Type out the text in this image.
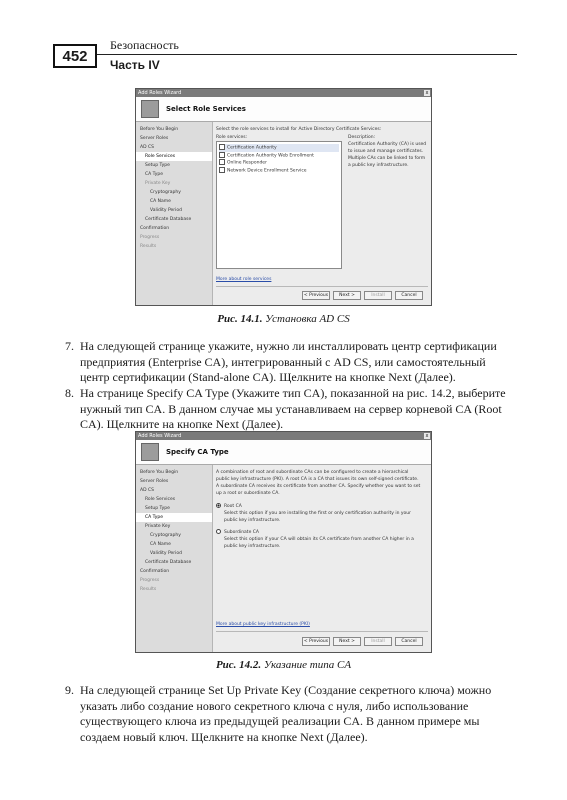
452
Безопасность
Часть IV
Add Roles Wizard	x
Select Role Services
Before You Begin
Server Roles
AD CS
Role Services
Setup Type
CA Type
Private Key
Cryptography
CA Name
Validity Period
Certificate Database
Confirmation
Progress
Results
Select the role services to install for Active Directory Certificate Services:
Role services:	Description:
Certification Authority
Certification Authority Web Enrollment
Online Responder
Network Device Enrollment Service
Certification Authority (CA) is used to issue and manage certificates. Multiple CAs can be linked to form a public key infrastructure.
More about role services
< Previous	Next >	Install	Cancel
Рис. 14.1. Установка AD CS
7. На следующей странице укажите, нужно ли инсталлировать центр сертификации предприятия (Enterprise CA), интегрированный с AD CS, или самостоятельный центр сертификации (Stand-alone CA). Щелкните на кнопке Next (Далее).
8. На странице Specify CA Type (Укажите тип CA), показанной на рис. 14.2, выберите нужный тип CA. В данном случае мы устанавливаем на сервер корневой CA (Root CA). Щелкните на кнопке Next (Далее).
Add Roles Wizard	x
Specify CA Type
Before You Begin
Server Roles
AD CS
Role Services
Setup Type
CA Type
Private Key
Cryptography
CA Name
Validity Period
Certificate Database
Confirmation
Progress
Results
A combination of root and subordinate CAs can be configured to create a hierarchical public key infrastructure (PKI). A root CA is a CA that issues its own self-signed certificate. A subordinate CA receives its certificate from another CA. Specify whether you want to set up a root or subordinate CA.
Root CA
Select this option if you are installing the first or only certification authority in your public key infrastructure.
Subordinate CA
Select this option if your CA will obtain its CA certificate from another CA higher in a public key infrastructure.
More about public key infrastructure (PKI)
< Previous	Next >	Install	Cancel
Рис. 14.2. Указание типа CA
9. На следующей странице Set Up Private Key (Создание секретного ключа) можно указать либо создание нового секретного ключа с нуля, либо использование существующего ключа из предыдущей реализации CA. В данном примере мы создаем новый ключ. Щелкните на кнопке Next (Далее).
